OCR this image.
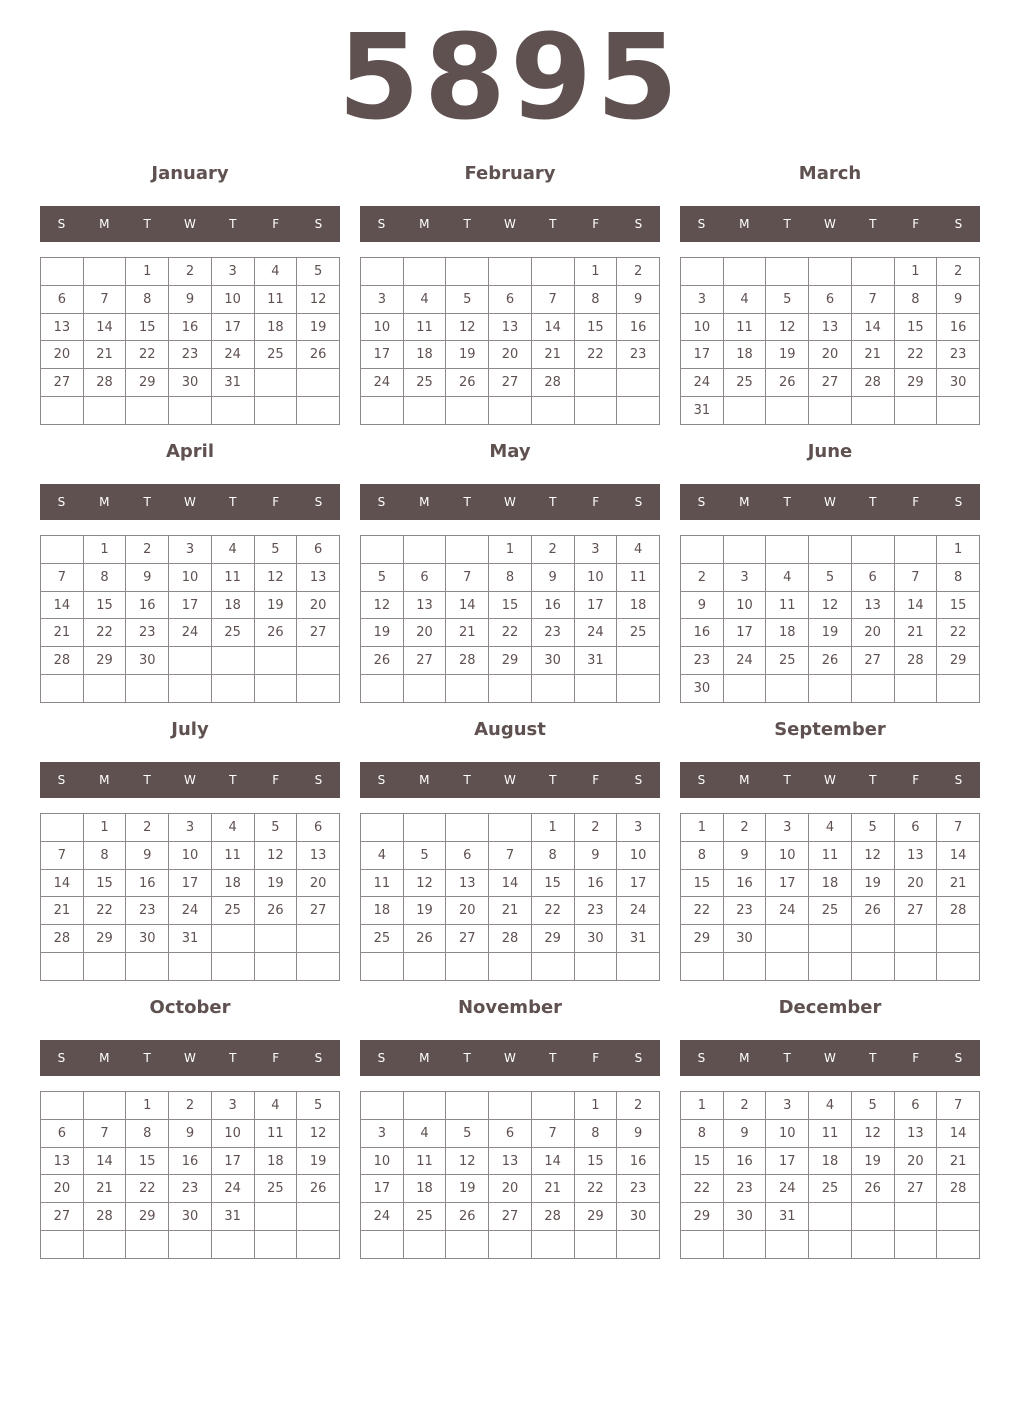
5895
January
S	M	T	W	T	F	S
		1	2	3	4	5
6	7	8	9	10	11	12
13	14	15	16	17	18	19
20	21	22	23	24	25	26
27	28	29	30	31		

February
S	M	T	W	T	F	S
					1	2
3	4	5	6	7	8	9
10	11	12	13	14	15	16
17	18	19	20	21	22	23
24	25	26	27	28		

March
S	M	T	W	T	F	S
					1	2
3	4	5	6	7	8	9
10	11	12	13	14	15	16
17	18	19	20	21	22	23
24	25	26	27	28	29	30
31						
April
S	M	T	W	T	F	S
	1	2	3	4	5	6
7	8	9	10	11	12	13
14	15	16	17	18	19	20
21	22	23	24	25	26	27
28	29	30				

May
S	M	T	W	T	F	S
			1	2	3	4
5	6	7	8	9	10	11
12	13	14	15	16	17	18
19	20	21	22	23	24	25
26	27	28	29	30	31	

June
S	M	T	W	T	F	S
						1
2	3	4	5	6	7	8
9	10	11	12	13	14	15
16	17	18	19	20	21	22
23	24	25	26	27	28	29
30						
July
S	M	T	W	T	F	S
	1	2	3	4	5	6
7	8	9	10	11	12	13
14	15	16	17	18	19	20
21	22	23	24	25	26	27
28	29	30	31			

August
S	M	T	W	T	F	S
				1	2	3
4	5	6	7	8	9	10
11	12	13	14	15	16	17
18	19	20	21	22	23	24
25	26	27	28	29	30	31

September
S	M	T	W	T	F	S
1	2	3	4	5	6	7
8	9	10	11	12	13	14
15	16	17	18	19	20	21
22	23	24	25	26	27	28
29	30					

October
S	M	T	W	T	F	S
		1	2	3	4	5
6	7	8	9	10	11	12
13	14	15	16	17	18	19
20	21	22	23	24	25	26
27	28	29	30	31		

November
S	M	T	W	T	F	S
					1	2
3	4	5	6	7	8	9
10	11	12	13	14	15	16
17	18	19	20	21	22	23
24	25	26	27	28	29	30

December
S	M	T	W	T	F	S
1	2	3	4	5	6	7
8	9	10	11	12	13	14
15	16	17	18	19	20	21
22	23	24	25	26	27	28
29	30	31				
